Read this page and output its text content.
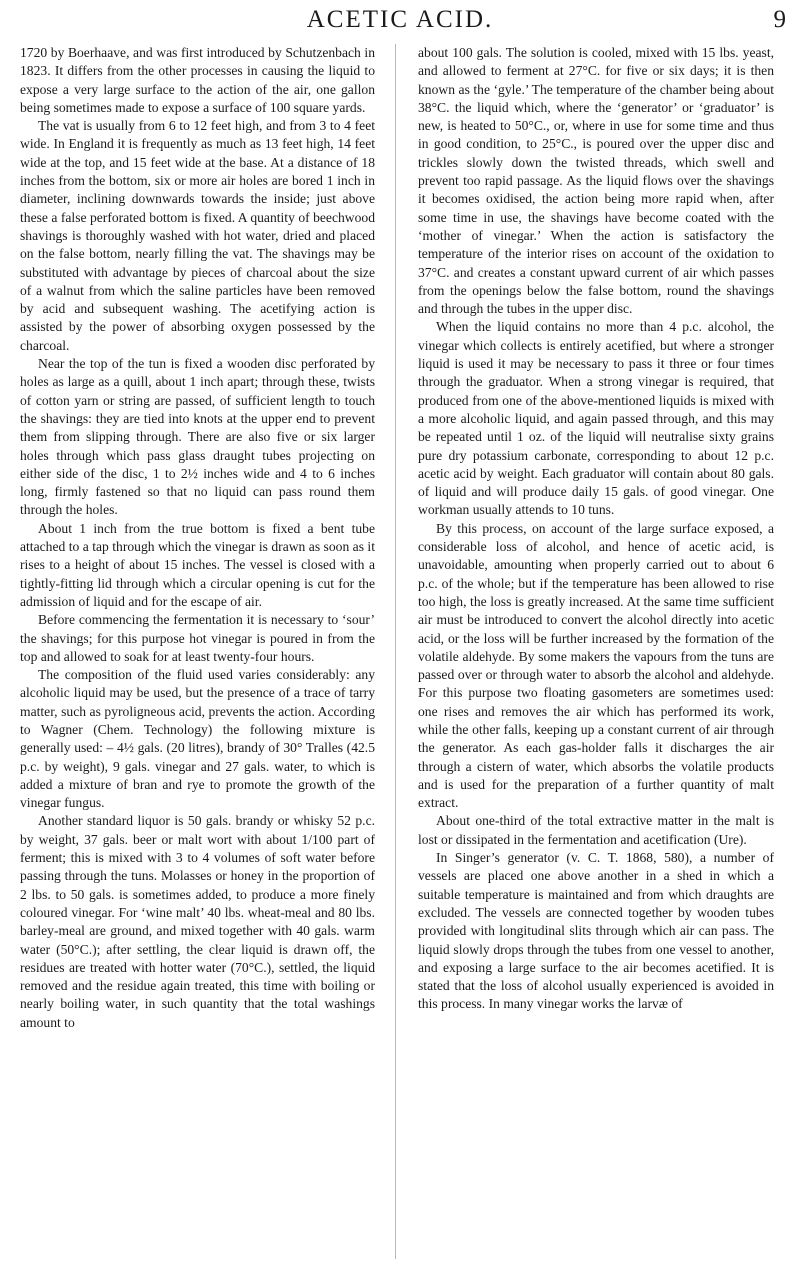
ACETIC ACID.	9

1720 by Boerhaave, and was first introduced by Schutzenbach in 1823. It differs from the other processes in causing the liquid to expose a very large surface to the action of the air, one gallon being sometimes made to expose a surface of 100 square yards.

The vat is usually from 6 to 12 feet high, and from 3 to 4 feet wide. In England it is frequently as much as 13 feet high, 14 feet wide at the top, and 15 feet wide at the base. At a distance of 18 inches from the bottom, six or more air holes are bored 1 inch in diameter, inclining downwards towards the inside; just above these a false perforated bottom is fixed. A quantity of beechwood shavings is thoroughly washed with hot water, dried and placed on the false bottom, nearly filling the vat. The shavings may be substituted with advantage by pieces of charcoal about the size of a walnut from which the saline particles have been removed by acid and subsequent washing. The acetifying action is assisted by the power of absorbing oxygen possessed by the charcoal.

Near the top of the tun is fixed a wooden disc perforated by holes as large as a quill, about 1 inch apart; through these, twists of cotton yarn or string are passed, of sufficient length to touch the shavings: they are tied into knots at the upper end to prevent them from slipping through. There are also five or six larger holes through which pass glass draught tubes projecting on either side of the disc, 1 to 2½ inches wide and 4 to 6 inches long, firmly fastened so that no liquid can pass round them through the holes.

About 1 inch from the true bottom is fixed a bent tube attached to a tap through which the vinegar is drawn as soon as it rises to a height of about 15 inches. The vessel is closed with a tightly-fitting lid through which a circular opening is cut for the admission of liquid and for the escape of air.

Before commencing the fermentation it is necessary to ‘sour’ the shavings; for this purpose hot vinegar is poured in from the top and allowed to soak for at least twenty-four hours.

The composition of the fluid used varies considerably: any alcoholic liquid may be used, but the presence of a trace of tarry matter, such as pyroligneous acid, prevents the action. According to Wagner (Chem. Technology) the following mixture is generally used: – 4½ gals. (20 litres), brandy of 30° Tralles (42.5 p.c. by weight), 9 gals. vinegar and 27 gals. water, to which is added a mixture of bran and rye to promote the growth of the vinegar fungus.

Another standard liquor is 50 gals. brandy or whisky 52 p.c. by weight, 37 gals. beer or malt wort with about 1/100 part of ferment; this is mixed with 3 to 4 volumes of soft water before passing through the tuns. Molasses or honey in the proportion of 2 lbs. to 50 gals. is sometimes added, to produce a more finely coloured vinegar. For ‘wine malt’ 40 lbs. wheat-meal and 80 lbs. barley-meal are ground, and mixed together with 40 gals. warm water (50°C.); after settling, the clear liquid is drawn off, the residues are treated with hotter water (70°C.), settled, the liquid removed and the residue again treated, this time with boiling or nearly boiling water, in such quantity that the total washings amount to

about 100 gals. The solution is cooled, mixed with 15 lbs. yeast, and allowed to ferment at 27°C. for five or six days; it is then known as the ‘gyle.’ The temperature of the chamber being about 38°C. the liquid which, where the ‘generator’ or ‘graduator’ is new, is heated to 50°C., or, where in use for some time and thus in good condition, to 25°C., is poured over the upper disc and trickles slowly down the twisted threads, which swell and prevent too rapid passage. As the liquid flows over the shavings it becomes oxidised, the action being more rapid when, after some time in use, the shavings have become coated with the ‘mother of vinegar.’ When the action is satisfactory the temperature of the interior rises on account of the oxidation to 37°C. and creates a constant upward current of air which passes from the openings below the false bottom, round the shavings and through the tubes in the upper disc.

When the liquid contains no more than 4 p.c. alcohol, the vinegar which collects is entirely acetified, but where a stronger liquid is used it may be necessary to pass it three or four times through the graduator. When a strong vinegar is required, that produced from one of the above-mentioned liquids is mixed with a more alcoholic liquid, and again passed through, and this may be repeated until 1 oz. of the liquid will neutralise sixty grains pure dry potassium carbonate, corresponding to about 12 p.c. acetic acid by weight. Each graduator will contain about 80 gals. of liquid and will produce daily 15 gals. of good vinegar. One workman usually attends to 10 tuns.

By this process, on account of the large surface exposed, a considerable loss of alcohol, and hence of acetic acid, is unavoidable, amounting when properly carried out to about 6 p.c. of the whole; but if the temperature has been allowed to rise too high, the loss is greatly increased. At the same time sufficient air must be introduced to convert the alcohol directly into acetic acid, or the loss will be further increased by the formation of the volatile aldehyde. By some makers the vapours from the tuns are passed over or through water to absorb the alcohol and aldehyde. For this purpose two floating gasometers are sometimes used: one rises and removes the air which has performed its work, while the other falls, keeping up a constant current of air through the generator. As each gas-holder falls it discharges the air through a cistern of water, which absorbs the volatile products and is used for the preparation of a further quantity of malt extract.

About one-third of the total extractive matter in the malt is lost or dissipated in the fermentation and acetification (Ure).

In Singer’s generator (v. C. T. 1868, 580), a number of vessels are placed one above another in a shed in which a suitable temperature is maintained and from which draughts are excluded. The vessels are connected together by wooden tubes provided with longitudinal slits through which air can pass. The liquid slowly drops through the tubes from one vessel to another, and exposing a large surface to the air becomes acetified. It is stated that the loss of alcohol usually experienced is avoided in this process. In many vinegar works the larvæ of
